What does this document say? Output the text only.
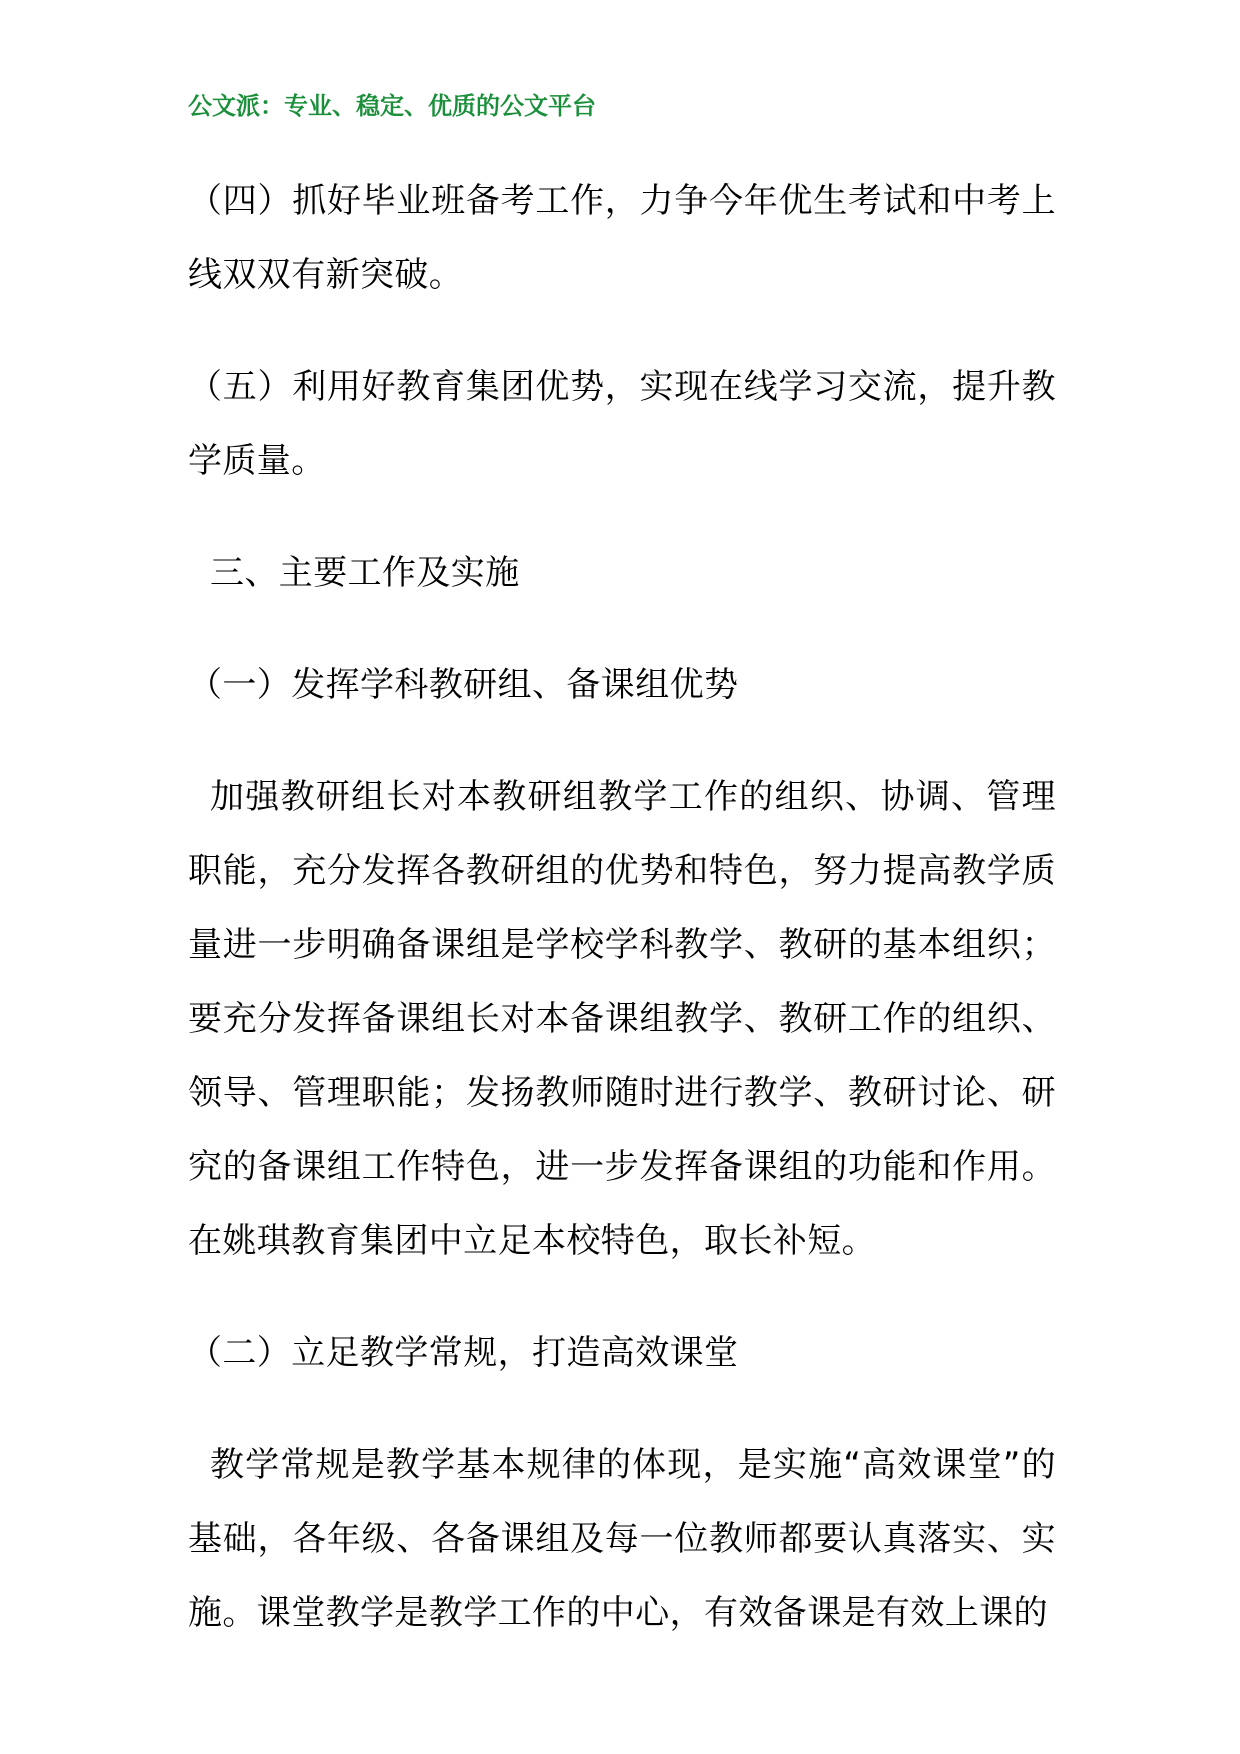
公文派：专业、稳定、优质的公文平台

（四）抓好毕业班备考工作，力争今年优生考试和中考上线双双有新突破。

（五）利用好教育集团优势，实现在线学习交流，提升教学质量。

三、主要工作及实施

（一）发挥学科教研组、备课组优势

加强教研组长对本教研组教学工作的组织、协调、管理职能，充分发挥各教研组的优势和特色，努力提高教学质量进一步明确备课组是学校学科教学、教研的基本组织；要充分发挥备课组长对本备课组教学、教研工作的组织、领导、管理职能；发扬教师随时进行教学、教研讨论、研究的备课组工作特色，进一步发挥备课组的功能和作用。在姚琪教育集团中立足本校特色，取长补短。

（二）立足教学常规，打造高效课堂

教学常规是教学基本规律的体现，是实施“高效课堂”的基础，各年级、各备课组及每一位教师都要认真落实、实施。课堂教学是教学工作的中心，有效备课是有效上课的
